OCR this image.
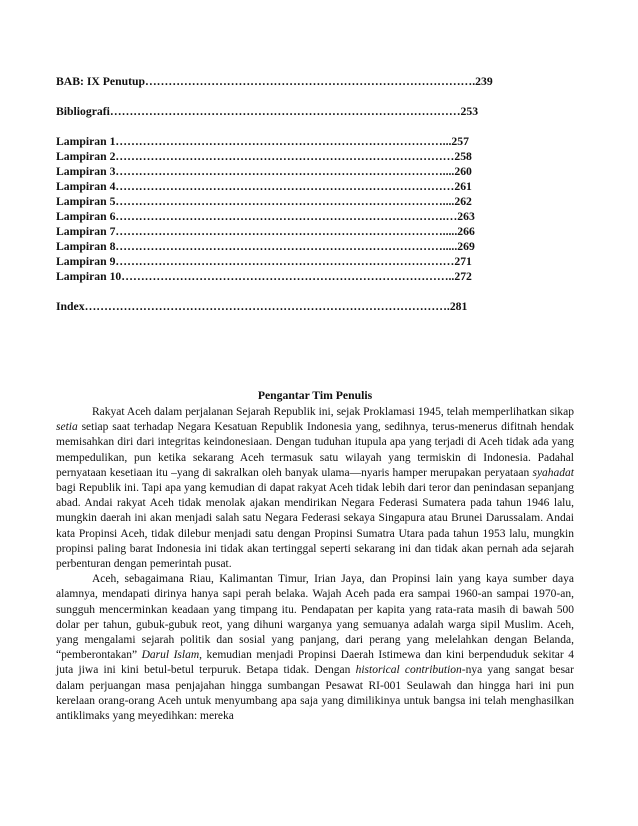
BAB: IX Penutup………………………………………………………………………….239
Bibliografi………………………………………………………………………………253
Lampiran 1…………………………………………………………………………...257
Lampiran 2……………………………………………………………………………258
Lampiran 3…………………………………………………………………………....260
Lampiran 4……………………………………………………………………………261
Lampiran 5…………………………………………………………………………....262
Lampiran 6………………………………………………………………………….…263
Lampiran 7………………………………………………………………………….....266
Lampiran 8………………………………………………………………………….....269
Lampiran 9……………………………………………………………………………271
Lampiran 10…………………………………………………………………………..272
Index………………………………………………………………………………….281
Pengantar Tim Penulis

Rakyat Aceh dalam perjalanan Sejarah Republik ini, sejak Proklamasi 1945, telah memperlihatkan sikap setia setiap saat terhadap Negara Kesatuan Republik Indonesia yang, sedihnya, terus-menerus difitnah hendak memisahkan diri dari integritas keindonesiaan. Dengan tuduhan itupula apa yang terjadi di Aceh tidak ada yang mempedulikan, pun ketika sekarang Aceh termasuk satu wilayah yang termiskin di Indonesia. Padahal pernyataan kesetiaan itu –yang di sakralkan oleh banyak ulama—nyaris hamper merupakan peryataan syahadat bagi Republik ini. Tapi apa yang kemudian di dapat rakyat Aceh tidak lebih dari teror dan penindasan sepanjang abad. Andai rakyat Aceh tidak menolak ajakan mendirikan Negara Federasi Sumatera pada tahun 1946 lalu, mungkin daerah ini akan menjadi salah satu Negara Federasi sekaya Singapura atau Brunei Darussalam. Andai kata Propinsi Aceh, tidak dilebur menjadi satu dengan Propinsi Sumatra Utara pada tahun 1953 lalu, mungkin propinsi paling barat Indonesia ini tidak akan tertinggal seperti sekarang ini dan tidak akan pernah ada sejarah perbenturan dengan pemerintah pusat.

Aceh, sebagaimana Riau, Kalimantan Timur, Irian Jaya, dan Propinsi lain yang kaya sumber daya alamnya, mendapati dirinya hanya sapi perah belaka. Wajah Aceh pada era sampai 1960-an sampai 1970-an, sungguh mencerminkan keadaan yang timpang itu. Pendapatan per kapita yang rata-rata masih di bawah 500 dolar per tahun, gubuk-gubuk reot, yang dihuni warganya yang semuanya adalah warga sipil Muslim. Aceh, yang mengalami sejarah politik dan sosial yang panjang, dari perang yang melelahkan dengan Belanda, “pemberontakan” Darul Islam, kemudian menjadi Propinsi Daerah Istimewa dan kini berpenduduk sekitar 4 juta jiwa ini kini betul-betul terpuruk. Betapa tidak. Dengan historical contribution-nya yang sangat besar dalam perjuangan masa penjajahan hingga sumbangan Pesawat RI-001 Seulawah dan hingga hari ini pun kerelaan orang-orang Aceh untuk menyumbang apa saja yang dimilikinya untuk bangsa ini telah menghasilkan antiklimaks yang meyedihkan: mereka
